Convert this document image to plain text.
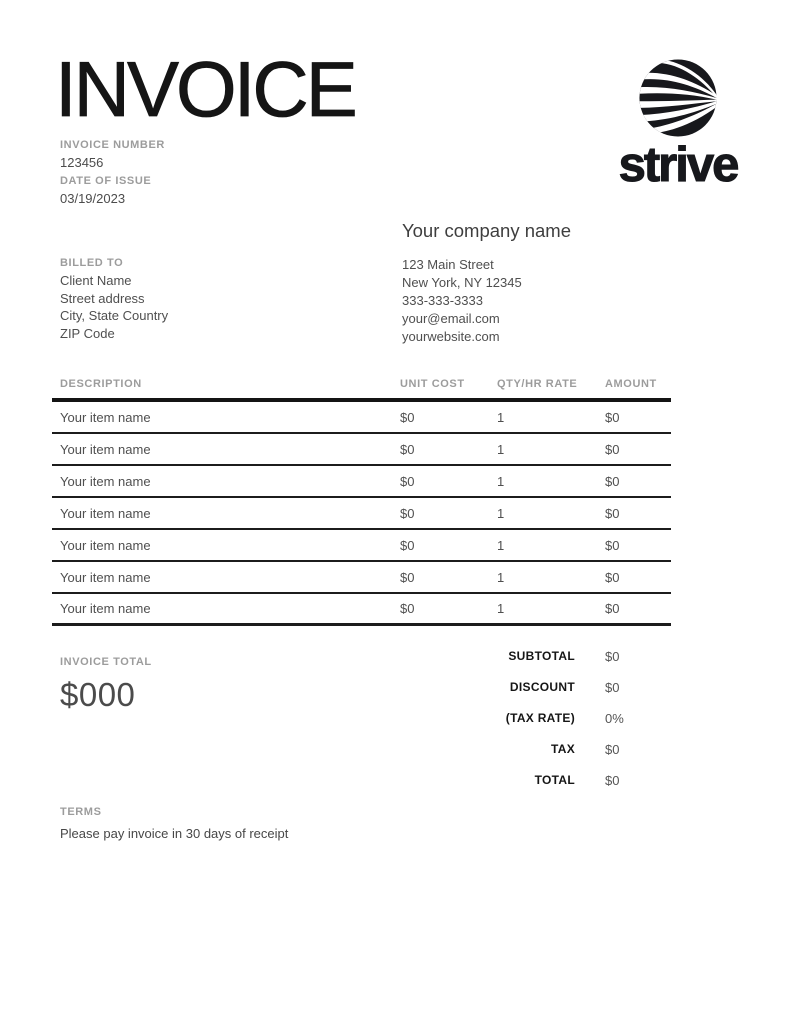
INVOICE
INVOICE NUMBER
123456
DATE OF ISSUE
03/19/2023
strive
BILLED TO
Client Name
Street address
City, State Country
ZIP Code
Your company name
123 Main Street
New York, NY 12345
333-333-3333
your@email.com
yourwebsite.com
DESCRIPTION	UNIT COST	QTY/HR RATE	AMOUNT
Your item name	$0	1	$0
Your item name	$0	1	$0
Your item name	$0	1	$0
Your item name	$0	1	$0
Your item name	$0	1	$0
Your item name	$0	1	$0
Your item name	$0	1	$0
INVOICE TOTAL
$000
SUBTOTAL	$0
DISCOUNT	$0
(TAX RATE)	0%
TAX	$0
TOTAL	$0
TERMS
Please pay invoice in 30 days of receipt
